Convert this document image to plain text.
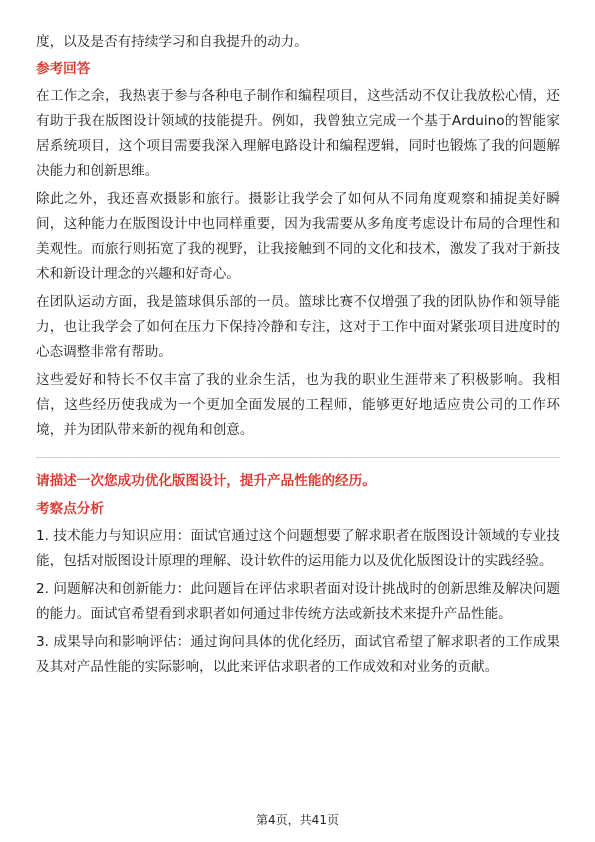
度，以及是否有持续学习和自我提升的动力。

参考回答

在工作之余，我热衷于参与各种电子制作和编程项目，这些活动不仅让我放松心情，还有助于我在版图设计领域的技能提升。例如，我曾独立完成一个基于Arduino的智能家居系统项目，这个项目需要我深入理解电路设计和编程逻辑，同时也锻炼了我的问题解决能力和创新思维。

除此之外，我还喜欢摄影和旅行。摄影让我学会了如何从不同角度观察和捕捉美好瞬间，这种能力在版图设计中也同样重要，因为我需要从多角度考虑设计布局的合理性和美观性。而旅行则拓宽了我的视野，让我接触到不同的文化和技术，激发了我对于新技术和新设计理念的兴趣和好奇心。

在团队运动方面，我是篮球俱乐部的一员。篮球比赛不仅增强了我的团队协作和领导能力，也让我学会了如何在压力下保持冷静和专注，这对于工作中面对紧张项目进度时的心态调整非常有帮助。

这些爱好和特长不仅丰富了我的业余生活，也为我的职业生涯带来了积极影响。我相信，这些经历使我成为一个更加全面发展的工程师，能够更好地适应贵公司的工作环境，并为团队带来新的视角和创意。

请描述一次您成功优化版图设计，提升产品性能的经历。
考察点分析

1. 技术能力与知识应用：面试官通过这个问题想要了解求职者在版图设计领域的专业技能，包括对版图设计原理的理解、设计软件的运用能力以及优化版图设计的实践经验。

2. 问题解决和创新能力：此问题旨在评估求职者面对设计挑战时的创新思维及解决问题的能力。面试官希望看到求职者如何通过非传统方法或新技术来提升产品性能。

3. 成果导向和影响评估：通过询问具体的优化经历，面试官希望了解求职者的工作成果及其对产品性能的实际影响，以此来评估求职者的工作成效和对业务的贡献。

第4页，共41页
